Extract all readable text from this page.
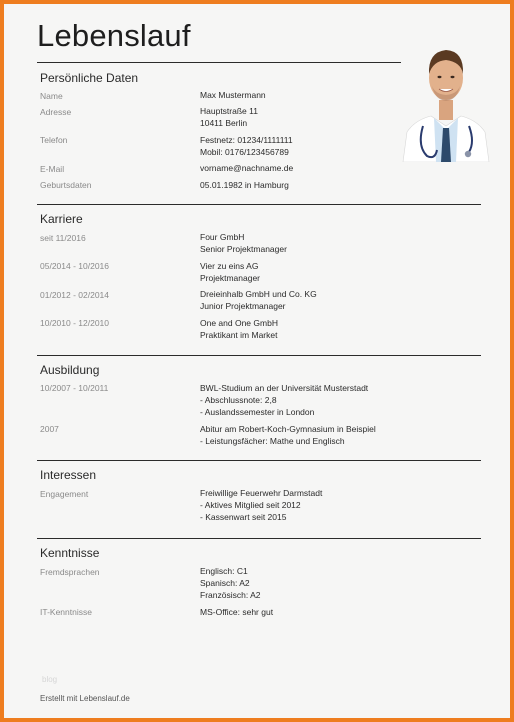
Lebenslauf
Persönliche Daten
Name	Max Mustermann
Adresse	Hauptstraße 11
10411 Berlin
Telefon	Festnetz: 01234/1111111
Mobil: 0176/123456789
E-Mail	vorname@nachname.de
Geburtsdaten	05.01.1982 in Hamburg
Karriere
seit 11/2016	Four GmbH
Senior Projektmanager
05/2014 - 10/2016	Vier zu eins AG
Projektmanager
01/2012 - 02/2014	Dreieinhalb GmbH und Co. KG
Junior Projektmanager
10/2010 - 12/2010	One and One GmbH
Praktikant im Market
Ausbildung
10/2007 - 10/2011	BWL-Studium an der Universität Musterstadt
- Abschlussnote: 2,8
- Auslandssemester in London
2007	Abitur am Robert-Koch-Gymnasium in Beispiel
- Leistungsfächer: Mathe und Englisch
Interessen
Engagement	Freiwillige Feuerwehr Darmstadt
- Aktives Mitglied seit 2012
- Kassenwart seit 2015
Kenntnisse
Fremdsprachen	Englisch: C1
Spanisch: A2
Französisch: A2
IT-Kenntnisse	MS-Office: sehr gut
blog
Erstellt mit Lebenslauf.de
